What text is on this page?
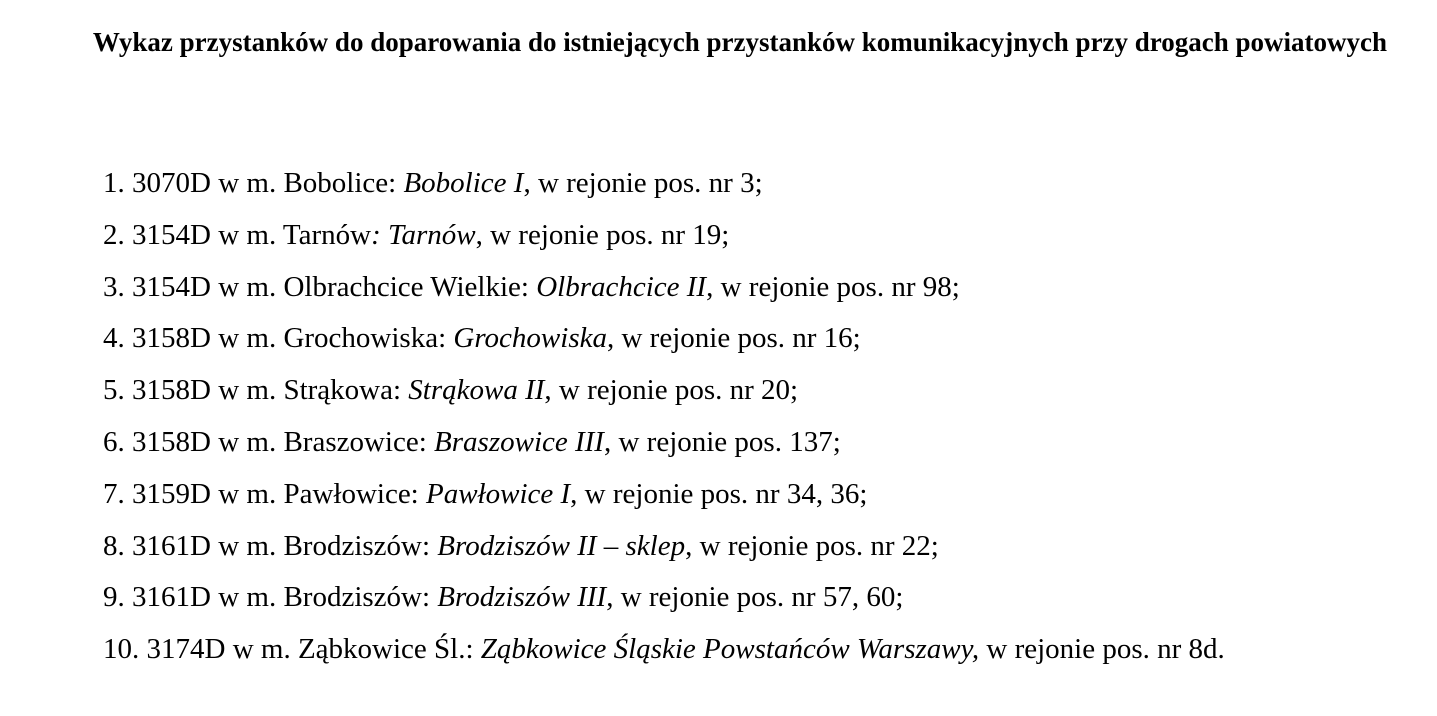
Wykaz przystanków do doparowania do istniejących przystanków komunikacyjnych przy drogach powiatowych
1. 3070D w m. Bobolice: Bobolice I, w rejonie pos. nr 3;
2. 3154D w m. Tarnów: Tarnów, w rejonie pos. nr 19;
3. 3154D w m. Olbrachcice Wielkie: Olbrachcice II, w rejonie pos. nr 98;
4. 3158D w m. Grochowiska: Grochowiska, w rejonie pos. nr 16;
5. 3158D w m. Strąkowa: Strąkowa II, w rejonie pos. nr 20;
6. 3158D w m. Braszowice: Braszowice III, w rejonie pos. 137;
7. 3159D w m. Pawłowice: Pawłowice I, w rejonie pos. nr 34, 36;
8. 3161D w m. Brodziszów: Brodziszów II – sklep, w rejonie pos. nr 22;
9. 3161D w m. Brodziszów: Brodziszów III, w rejonie pos. nr 57, 60;
10. 3174D w m. Ząbkowice Śl.: Ząbkowice Śląskie Powstańców Warszawy, w rejonie pos. nr 8d.
